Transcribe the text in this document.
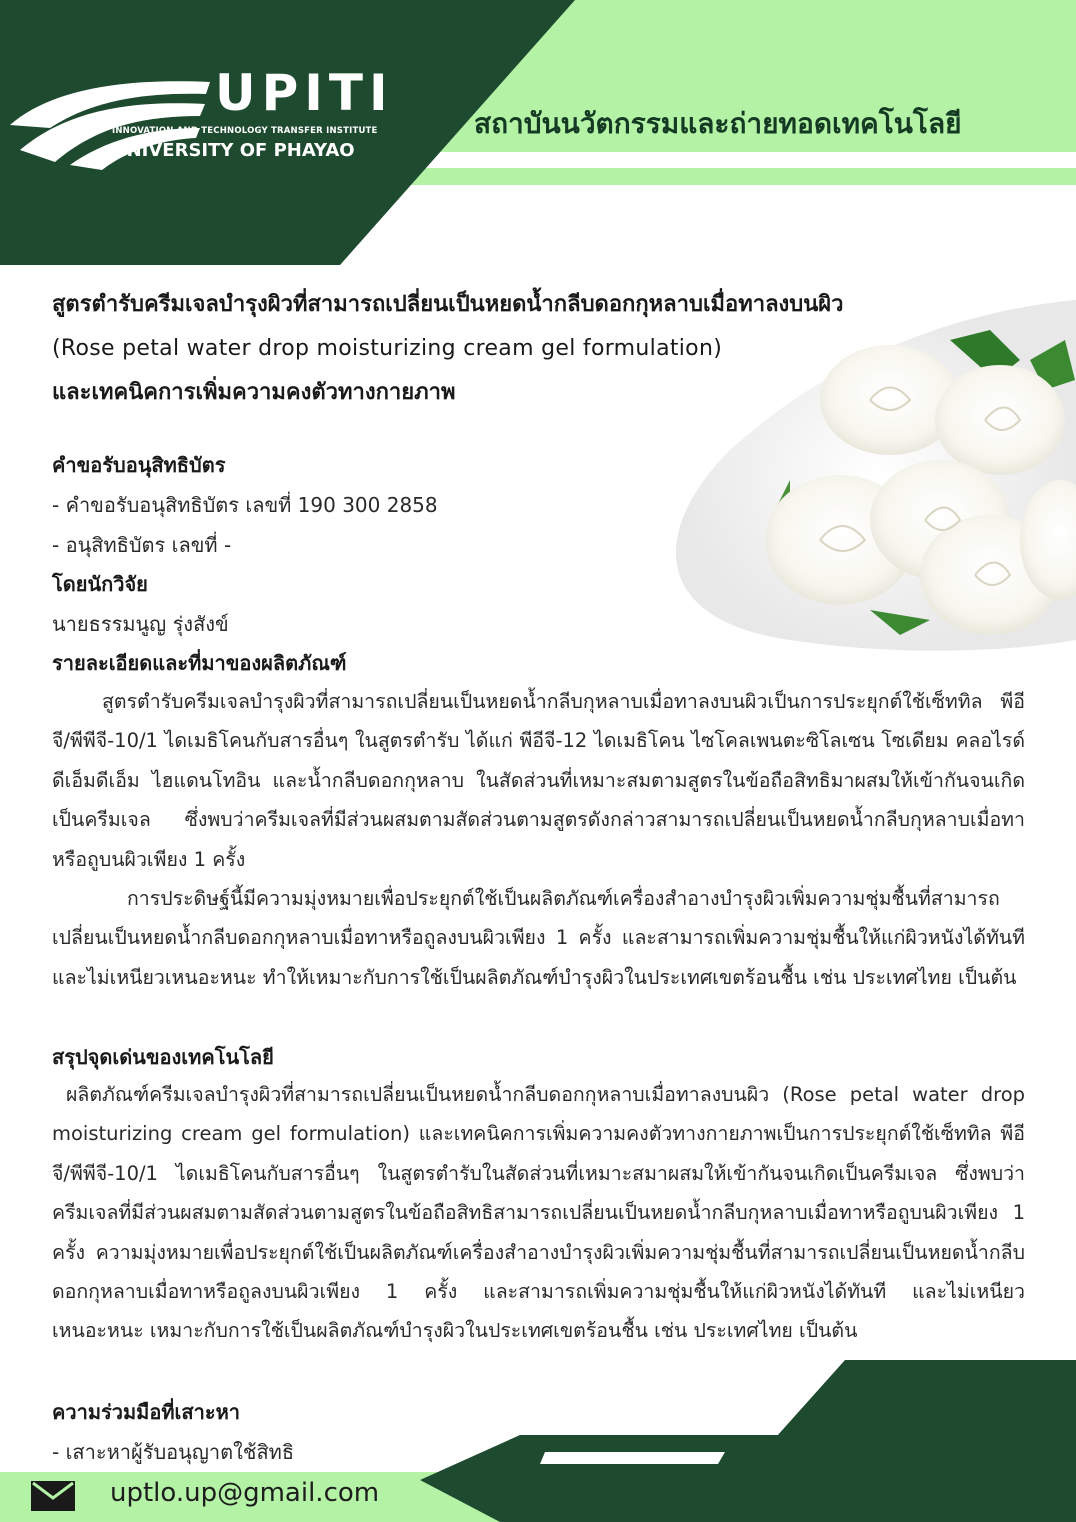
UPITI
INNOVATION AND TECHNOLOGY TRANSFER INSTITUTE
UNIVERSITY OF PHAYAO
สถาบันนวัตกรรมและถ่ายทอดเทคโนโลยี
สูตรตำรับครีมเจลบำรุงผิวที่สามารถเปลี่ยนเป็นหยดน้ำกลีบดอกกุหลาบเมื่อทาลงบนผิว
(Rose petal water drop moisturizing cream gel formulation)
และเทคนิคการเพิ่มความคงตัวทางกายภาพ
คำขอรับอนุสิทธิบัตร
- คำขอรับอนุสิทธิบัตร เลขที่ 190 300 2858
- อนุสิทธิบัตร เลขที่ -
โดยนักวิจัย
นายธรรมนูญ รุ่งสังข์
รายละเอียดและที่มาของผลิตภัณฑ์
สูตรตำรับครีมเจลบำรุงผิวที่สามารถเปลี่ยนเป็นหยดน้ำกลีบกุหลาบเมื่อทาลงบนผิวเป็นการประยุกต์ใช้เซ็ททิล พีอีจี/พีพีจี-10/1 ไดเมธิโคนกับสารอื่นๆ ในสูตรตำรับ ได้แก่ พีอีจี-12 ไดเมธิโคน ไซโคลเพนตะซิโลเซน โซเดียม คลอไรด์ ดีเอ็มดีเอ็ม ไฮแดนโทอิน และน้ำกลีบดอกกุหลาบ ในสัดส่วนที่เหมาะสมตามสูตรในข้อถือสิทธิมาผสมให้เข้ากันจนเกิดเป็นครีมเจล ซึ่งพบว่าครีมเจลที่มีส่วนผสมตามสัดส่วนตามสูตรดังกล่าวสามารถเปลี่ยนเป็นหยดน้ำกลีบกุหลาบเมื่อทาหรือถูบนผิวเพียง 1 ครั้ง
การประดิษฐ์นี้มีความมุ่งหมายเพื่อประยุกต์ใช้เป็นผลิตภัณฑ์เครื่องสำอางบำรุงผิวเพิ่มความชุ่มชื้นที่สามารถเปลี่ยนเป็นหยดน้ำกลีบดอกกุหลาบเมื่อทาหรือถูลงบนผิวเพียง 1 ครั้ง และสามารถเพิ่มความชุ่มชื้นให้แก่ผิวหนังได้ทันที และไม่เหนียวเหนอะหนะ ทำให้เหมาะกับการใช้เป็นผลิตภัณฑ์บำรุงผิวในประเทศเขตร้อนชื้น เช่น ประเทศไทย เป็นต้น
สรุปจุดเด่นของเทคโนโลยี
ผลิตภัณฑ์ครีมเจลบำรุงผิวที่สามารถเปลี่ยนเป็นหยดน้ำกลีบดอกกุหลาบเมื่อทาลงบนผิว (Rose petal water drop moisturizing cream gel formulation) และเทคนิคการเพิ่มความคงตัวทางกายภาพเป็นการประยุกต์ใช้เซ็ททิล พีอีจี/พีพีจี-10/1 ไดเมธิโคนกับสารอื่นๆ ในสูตรตำรับในสัดส่วนที่เหมาะสมาผสมให้เข้ากันจนเกิดเป็นครีมเจล ซึ่งพบว่าครีมเจลที่มีส่วนผสมตามสัดส่วนตามสูตรในข้อถือสิทธิสามารถเปลี่ยนเป็นหยดน้ำกลีบกุหลาบเมื่อทาหรือถูบนผิวเพียง 1 ครั้ง ความมุ่งหมายเพื่อประยุกต์ใช้เป็นผลิตภัณฑ์เครื่องสำอางบำรุงผิวเพิ่มความชุ่มชื้นที่สามารถเปลี่ยนเป็นหยดน้ำกลีบดอกกุหลาบเมื่อทาหรือถูลงบนผิวเพียง 1 ครั้ง และสามารถเพิ่มความชุ่มชื้นให้แก่ผิวหนังได้ทันที และไม่เหนียวเหนอะหนะ เหมาะกับการใช้เป็นผลิตภัณฑ์บำรุงผิวในประเทศเขตร้อนชื้น เช่น ประเทศไทย เป็นต้น
ความร่วมมือที่เสาะหา
- เสาะหาผู้รับอนุญาตใช้สิทธิ
uptlo.up@gmail.com
